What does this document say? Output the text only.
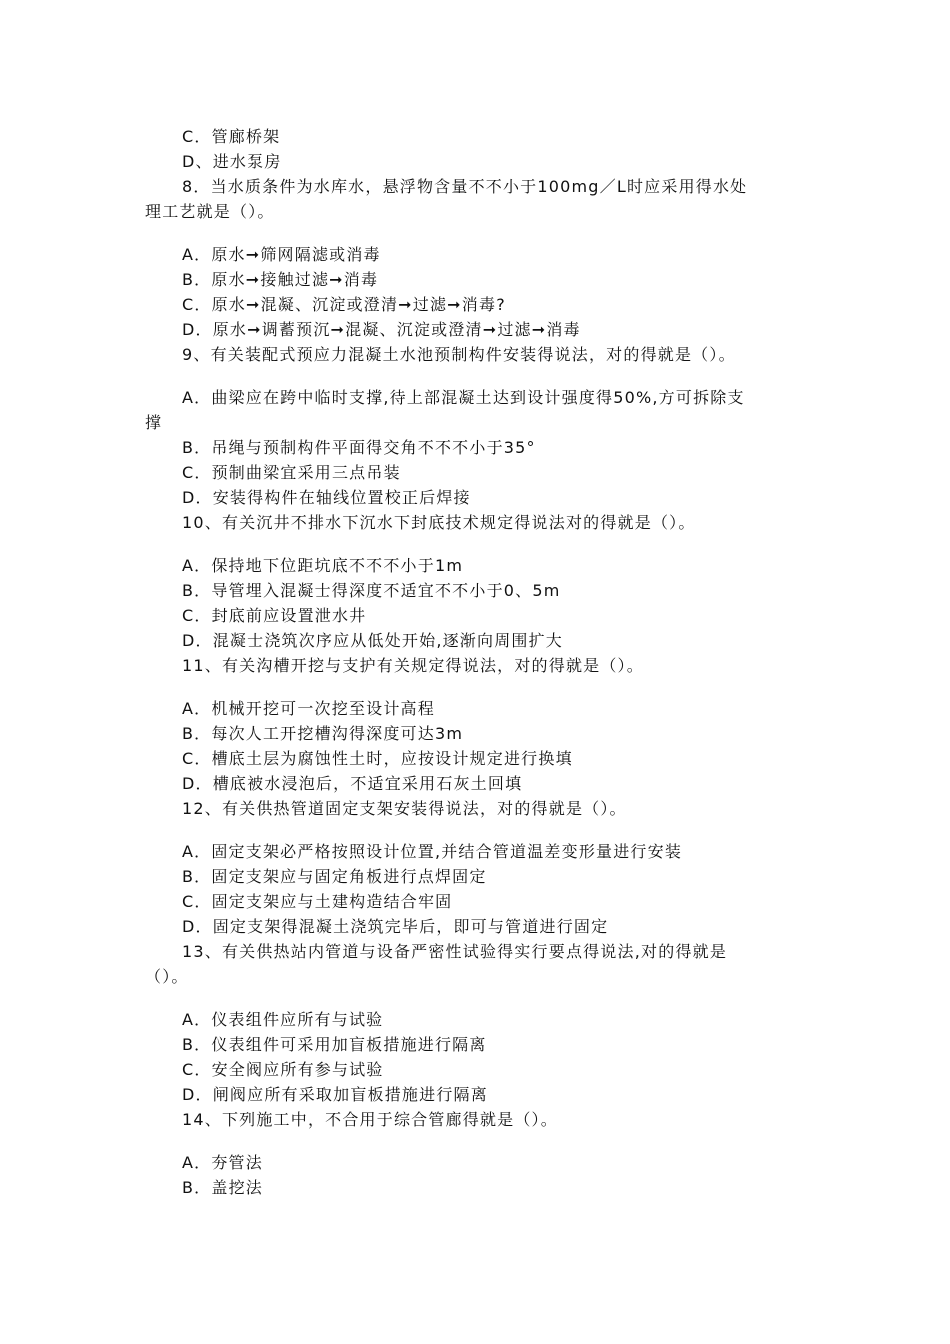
C．管廊桥架
D、进水泵房
8．当水质条件为水库水，悬浮物含量不不小于100mg／L时应采用得水处
理工艺就是（）。
A．原水➞筛网隔滤或消毒
B．原水➞接触过滤➞消毒
C．原水➞混凝、沉淀或澄清➞过滤➞消毒?
D．原水➞调蓄预沉➞混凝、沉淀或澄清➞过滤➞消毒
9、有关装配式预应力混凝土水池预制构件安装得说法，对的得就是（）。
A．曲梁应在跨中临时支撑,待上部混凝土达到设计强度得50%,方可拆除支
撑
B．吊绳与预制构件平面得交角不不不小于35°
C．预制曲梁宜采用三点吊装
D．安装得构件在轴线位置校正后焊接
10、有关沉井不排水下沉水下封底技术规定得说法对的得就是（）。
A．保持地下位距坑底不不不小于1m
B．导管埋入混凝士得深度不适宜不不小于0、5m
C．封底前应设置泄水井
D．混凝士浇筑次序应从低处开始,逐渐向周围扩大
11、有关沟槽开挖与支护有关规定得说法，对的得就是（）。
A．机械开挖可一次挖至设计高程
B．每次人工开挖槽沟得深度可达3m
C．槽底土层为腐蚀性土时，应按设计规定进行换填
D．槽底被水浸泡后，不适宜采用石灰土回填
12、有关供热管道固定支架安装得说法，对的得就是（）。
A．固定支架必严格按照设计位置,并结合管道温差变形量进行安装
B．固定支架应与固定角板进行点焊固定
C．固定支架应与土建构造结合牢固
D．固定支架得混凝土浇筑完毕后，即可与管道进行固定
13、有关供热站内管道与设备严密性试验得实行要点得说法,对的得就是
（）。
A．仪表组件应所有与试验
B．仪表组件可采用加盲板措施进行隔离
C．安全阀应所有参与试验
D．闸阀应所有采取加盲板措施进行隔离
14、下列施工中，不合用于综合管廊得就是（）。
A．夯管法
B．盖挖法
